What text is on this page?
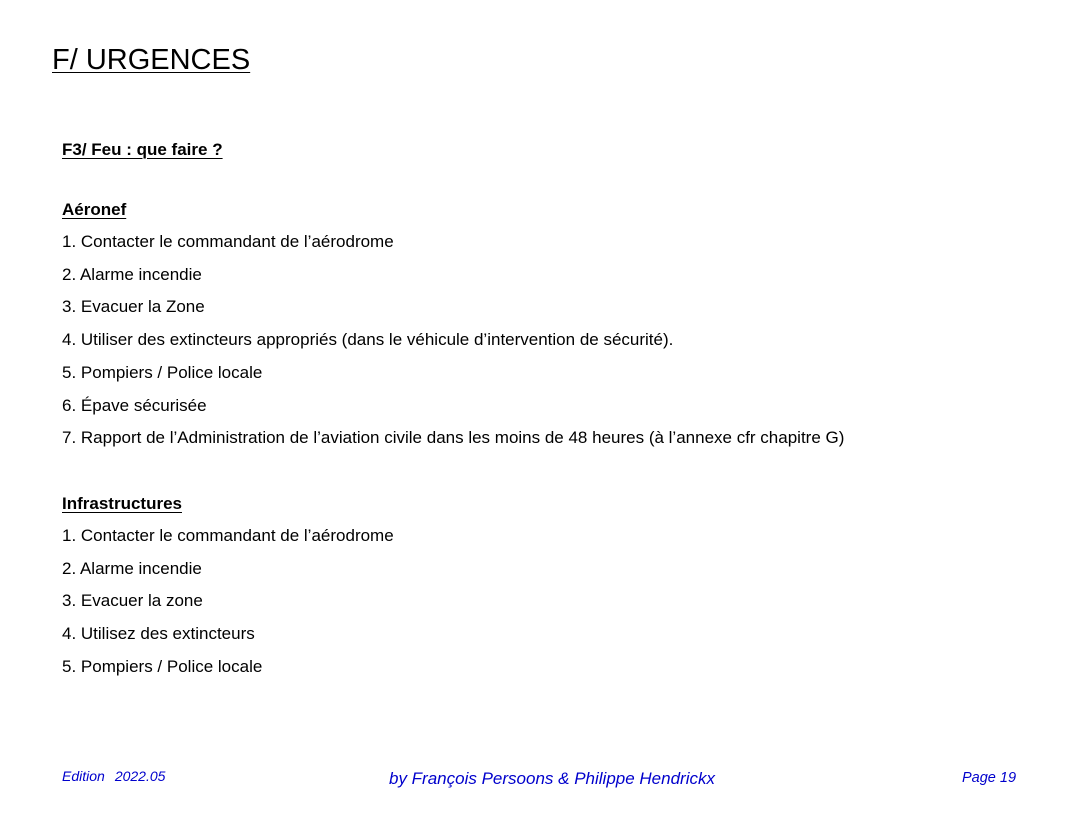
F/ URGENCES
F3/ Feu : que faire ?
Aéronef
1. Contacter le commandant de l’aérodrome
2. Alarme incendie
3. Evacuer la Zone
4. Utiliser des extincteurs appropriés (dans le véhicule d’intervention de sécurité).
5. Pompiers / Police locale
6. Épave sécurisée
7. Rapport de l’Administration de l’aviation civile dans les moins de 48 heures (à l’annexe cfr chapitre G)
Infrastructures
1. Contacter le commandant de l’aérodrome
2. Alarme incendie
3. Evacuer la zone
4. Utilisez des extincteurs
5. Pompiers / Police locale
Edition 2022.05	by François Persoons & Philippe Hendrickx	Page 19
